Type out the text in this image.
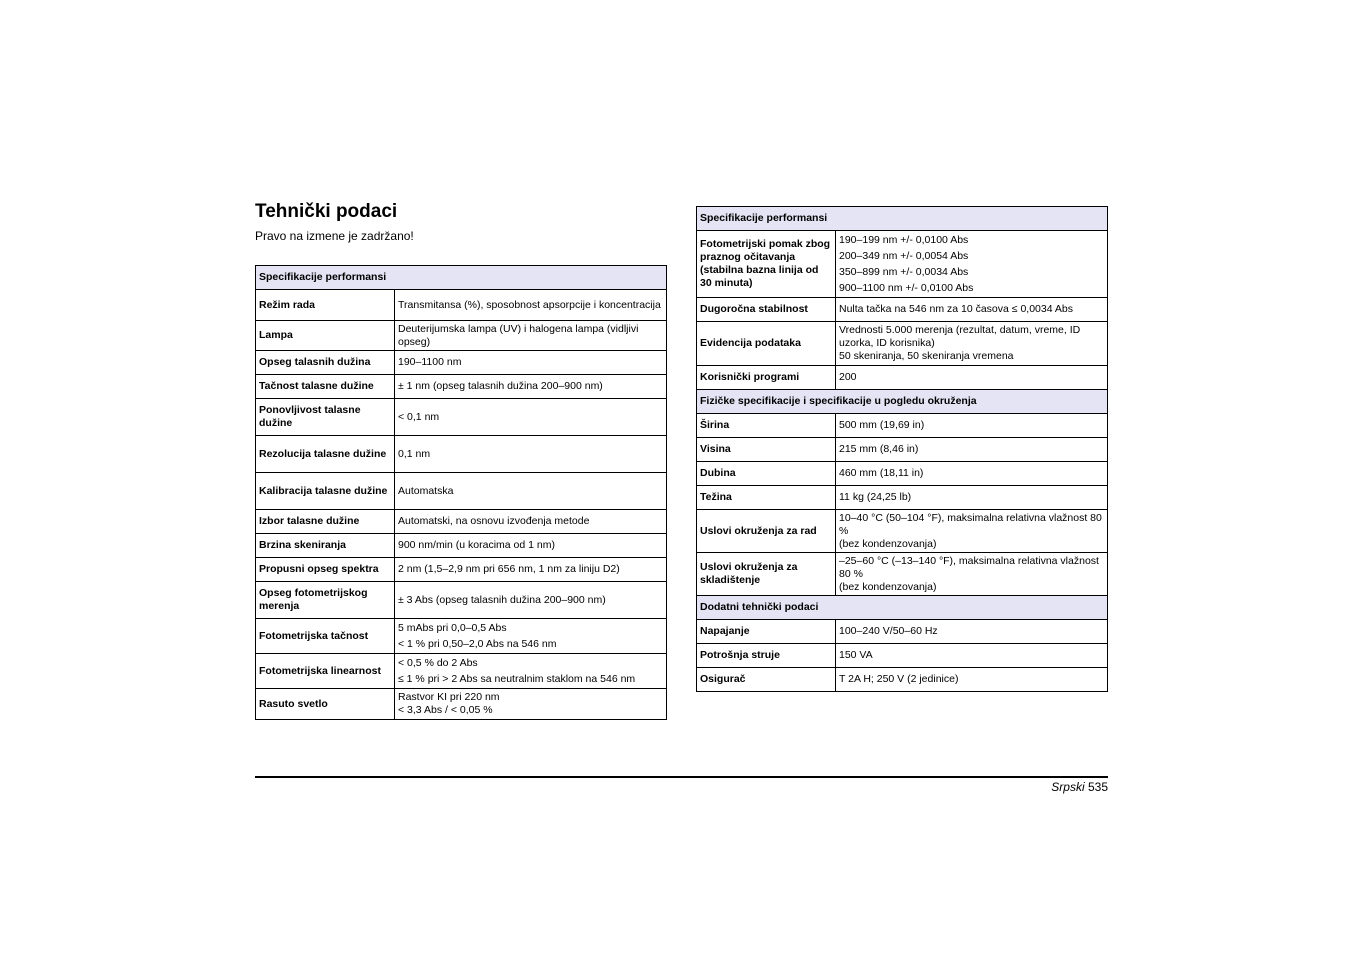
Tehnički podaci

Pravo na izmene je zadržano!

Specifikacije performansi	
Režim rada	Transmitansa (%), sposobnost apsorpcije i koncentracija
Lampa	Deuterijumska lampa (UV) i halogena lampa (vidljivi opseg)
Opseg talasnih dužina	190–1100 nm
Tačnost talasne dužine	± 1 nm (opseg talasnih dužina 200–900 nm)
Ponovljivost talasne dužine	< 0,1 nm
Rezolucija talasne dužine	0,1 nm
Kalibracija talasne dužine	Automatska
Izbor talasne dužine	Automatski, na osnovu izvođenja metode
Brzina skeniranja	900 nm/min (u koracima od 1 nm)
Propusni opseg spektra	2 nm (1,5–2,9 nm pri 656 nm, 1 nm za liniju D2)
Opseg fotometrijskog merenja	± 3 Abs (opseg talasnih dužina 200–900 nm)
Fotometrijska tačnost	5 mAbs pri 0,0–0,5 Abs
< 1 % pri 0,50–2,0 Abs na 546 nm

Fotometrijska linearnost	< 0,5 % do 2 Abs
≤ 1 % pri > 2 Abs sa neutralnim staklom na 546 nm

Rasuto svetlo	Rastvor KI pri 220 nm
< 3,3 Abs / < 0,05 %
Specifikacije performansi	
Fotometrijski pomak zbog praznog očitavanja (stabilna bazna linija od 30 minuta)	190–199 nm +/- 0,0100 Abs
200–349 nm +/- 0,0054 Abs
350–899 nm +/- 0,0034 Abs
900–1100 nm +/- 0,0100 Abs

Dugoročna stabilnost	Nulta tačka na 546 nm za 10 časova ≤ 0,0034 Abs
Evidencija podataka	Vrednosti 5.000 merenja (rezultat, datum, vreme, ID uzorka, ID korisnika)
50 skeniranja, 50 skeniranja vremena

Korisnički programi	200
Fizičke specifikacije i specifikacije u pogledu okruženja	
Širina	500 mm (19,69 in)
Visina	215 mm (8,46 in)
Dubina	460 mm (18,11 in)
Težina	11 kg (24,25 lb)
Uslovi okruženja za rad	10–40 °C (50–104 °F), maksimalna relativna vlažnost 80 %
(bez kondenzovanja)

Uslovi okruženja za skladištenje	–25–60 °C (–13–140 °F), maksimalna relativna vlažnost 80 %
(bez kondenzovanja)

Dodatni tehnički podaci	
Napajanje	100–240 V/50–60 Hz
Potrošnja struje	150 VA
Osigurač	T 2A H; 250 V (2 jedinice)
Srpski 535
